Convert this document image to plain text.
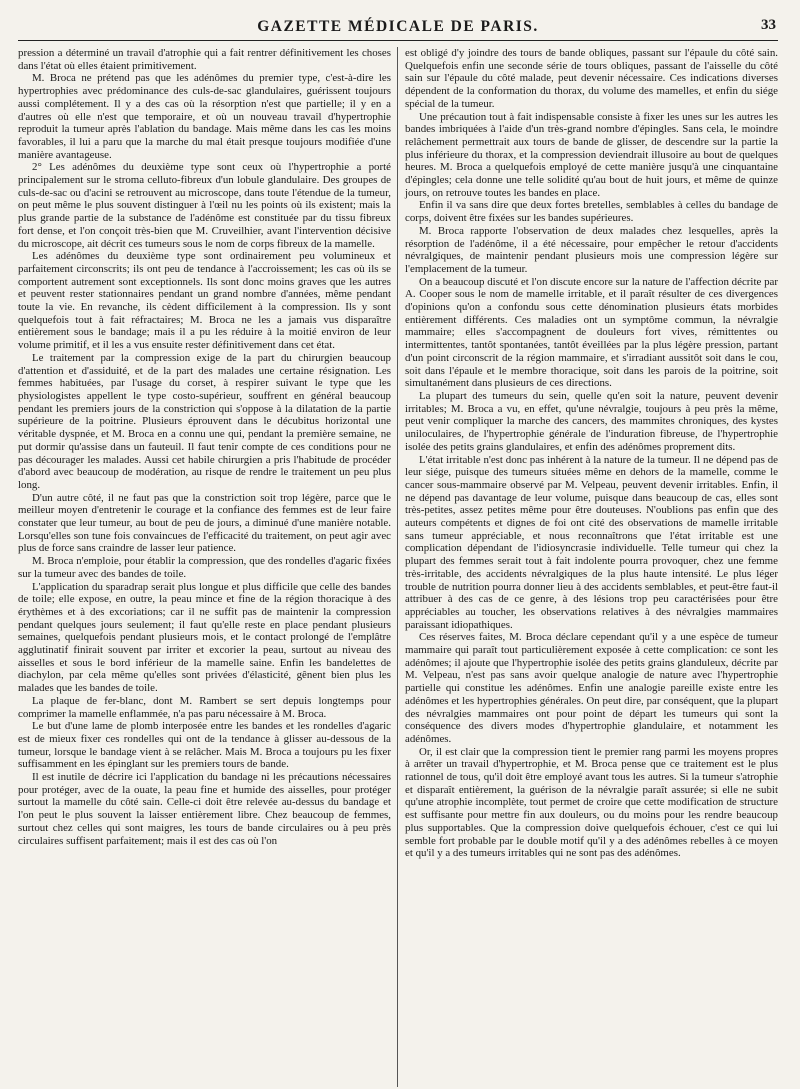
GAZETTE MÉDICALE DE PARIS.	33

pression a déterminé un travail d'atrophie qui a fait rentrer définitivement les choses dans l'état où elles étaient primitivement.

M. Broca ne prétend pas que les adénômes du premier type, c'est-à-dire les hypertrophies avec prédominance des culs-de-sac glandulaires, guérissent toujours aussi complétement. Il y a des cas où la résorption n'est que partielle; il y en a d'autres où elle n'est que temporaire, et où un nouveau travail d'hypertrophie reproduit la tumeur après l'ablation du bandage. Mais même dans les cas les moins favorables, il lui a paru que la marche du mal était presque toujours modifiée d'une manière avantageuse.

2° Les adénômes du deuxième type sont ceux où l'hypertrophie a porté principalement sur le stroma celluto-fibreux d'un lobule glandulaire. Des groupes de culs-de-sac ou d'acini se retrouvent au microscope, dans toute l'étendue de la tumeur, on peut même le plus souvent distinguer à l'œil nu les points où ils existent; mais la plus grande partie de la substance de l'adénôme est constituée par du tissu fibreux fort dense, et l'on conçoit très-bien que M. Cruveilhier, avant l'intervention décisive du microscope, ait décrit ces tumeurs sous le nom de corps fibreux de la mamelle.

Les adénômes du deuxième type sont ordinairement peu volumineux et parfaitement circonscrits; ils ont peu de tendance à l'accroissement; les cas où ils se comportent autrement sont exceptionnels. Ils sont donc moins graves que les autres et peuvent rester stationnaires pendant un grand nombre d'années, même pendant toute la vie. En revanche, ils cèdent difficilement à la compression. Ils y sont quelquefois tout à fait réfractaires; M. Broca ne les a jamais vus disparaître entièrement sous le bandage; mais il a pu les réduire à la moitié environ de leur volume primitif, et il les a vus ensuite rester définitivement dans cet état.

Le traitement par la compression exige de la part du chirurgien beaucoup d'attention et d'assiduité, et de la part des malades une certaine résignation. Les femmes habituées, par l'usage du corset, à respirer suivant le type que les physiologistes appellent le type costo-supérieur, souffrent en général beaucoup pendant les premiers jours de la constriction qui s'oppose à la dilatation de la partie supérieure de la poitrine. Plusieurs éprouvent dans le décubitus horizontal une véritable dyspnée, et M. Broca en a connu une qui, pendant la première semaine, ne put dormir qu'assise dans un fauteuil. Il faut tenir compte de ces conditions pour ne pas décourager les malades. Aussi cet habile chirurgien a pris l'habitude de procéder d'abord avec beaucoup de modération, au risque de rendre le traitement un peu plus long.

D'un autre côté, il ne faut pas que la constriction soit trop légère, parce que le meilleur moyen d'entretenir le courage et la confiance des femmes est de leur faire constater que leur tumeur, au bout de peu de jours, a diminué d'une manière notable. Lorsqu'elles son tune fois convaincues de l'efficacité du traitement, on peut agir avec plus de force sans craindre de lasser leur patience.

M. Broca n'emploie, pour établir la compression, que des rondelles d'agaric fixées sur la tumeur avec des bandes de toile.

L'application du sparadrap serait plus longue et plus difficile que celle des bandes de toile; elle expose, en outre, la peau mince et fine de la région thoracique à des érythèmes et à des excoriations; car il ne suffit pas de maintenir la compression pendant quelques jours seulement; il faut qu'elle reste en place pendant plusieurs semaines, quelquefois pendant plusieurs mois, et le contact prolongé de l'emplâtre agglutinatif finirait souvent par irriter et excorier la peau, surtout au niveau des aisselles et sous le bord inférieur de la mamelle saine. Enfin les bandelettes de diachylon, par cela même qu'elles sont privées d'élasticité, gênent bien plus les malades que les bandes de toile.

La plaque de fer-blanc, dont M. Rambert se sert depuis longtemps pour comprimer la mamelle enflammée, n'a pas paru nécessaire à M. Broca.

Le but d'une lame de plomb interposée entre les bandes et les rondelles d'agaric est de mieux fixer ces rondelles qui ont de la tendance à glisser au-dessous de la tumeur, lorsque le bandage vient à se relâcher. Mais M. Broca a toujours pu les fixer suffisamment en les épinglant sur les premiers tours de bande.

Il est inutile de décrire ici l'application du bandage ni les précautions nécessaires pour protéger, avec de la ouate, la peau fine et humide des aisselles, pour protéger surtout la mamelle du côté sain. Celle-ci doit être relevée au-dessus du bandage et l'on peut le plus souvent la laisser entièrement libre. Chez beaucoup de femmes, surtout chez celles qui sont maigres, les tours de bande circulaires ou à peu près circulaires suffisent parfaitement; mais il est des cas où l'on

est obligé d'y joindre des tours de bande obliques, passant sur l'épaule du côté sain. Quelquefois enfin une seconde série de tours obliques, passant de l'aisselle du côté sain sur l'épaule du côté malade, peut devenir nécessaire. Ces indications diverses dépendent de la conformation du thorax, du volume des mamelles, et enfin du siége spécial de la tumeur.

Une précaution tout à fait indispensable consiste à fixer les unes sur les autres les bandes imbriquées à l'aide d'un très-grand nombre d'épingles. Sans cela, le moindre relâchement permettrait aux tours de bande de glisser, de descendre sur la partie la plus inférieure du thorax, et la compression deviendrait illusoire au bout de quelques heures. M. Broca a quelquefois employé de cette manière jusqu'à une cinquantaine d'épingles; cela donne une telle solidité qu'au bout de huit jours, et même de quinze jours, on retrouve toutes les bandes en place.

Enfin il va sans dire que deux fortes bretelles, semblables à celles du bandage de corps, doivent être fixées sur les bandes supérieures.

M. Broca rapporte l'observation de deux malades chez lesquelles, après la résorption de l'adénôme, il a été nécessaire, pour empêcher le retour d'accidents névralgiques, de maintenir pendant plusieurs mois une compression légère sur l'emplacement de la tumeur.

On a beaucoup discuté et l'on discute encore sur la nature de l'affection décrite par A. Cooper sous le nom de mamelle irritable, et il paraît résulter de ces divergences d'opinions qu'on a confondu sous cette dénomination plusieurs états morbides entièrement différents. Ces maladies ont un symptôme commun, la névralgie mammaire; elles s'accompagnent de douleurs fort vives, rémittentes ou intermittentes, tantôt spontanées, tantôt éveillées par la plus légère pression, partant d'un point circonscrit de la région mammaire, et s'irradiant aussitôt soit dans le cou, soit dans l'épaule et le membre thoracique, soit dans les parois de la poitrine, soit simultanément dans plusieurs de ces directions.

La plupart des tumeurs du sein, quelle qu'en soit la nature, peuvent devenir irritables; M. Broca a vu, en effet, qu'une névralgie, toujours à peu près la même, peut venir compliquer la marche des cancers, des mammites chroniques, des kystes uniloculaires, de l'hypertrophie générale de l'induration fibreuse, de l'hypertrophie isolée des petits grains glandulaires, et enfin des adénômes proprement dits.

L'état irritable n'est donc pas inhérent à la nature de la tumeur. Il ne dépend pas de leur siége, puisque des tumeurs situées même en dehors de la mamelle, comme le cancer sous-mammaire observé par M. Velpeau, peuvent devenir irritables. Enfin, il ne dépend pas davantage de leur volume, puisque dans beaucoup de cas, elles sont très-petites, assez petites même pour être douteuses. N'oublions pas enfin que des auteurs compétents et dignes de foi ont cité des observations de mamelle irritable sans tumeur appréciable, et nous reconnaîtrons que l'état irritable est une complication dépendant de l'idiosyncrasie individuelle. Telle tumeur qui chez la plupart des femmes serait tout à fait indolente pourra provoquer, chez une femme très-irritable, des accidents névralgiques de la plus haute intensité. Le plus léger trouble de nutrition pourra donner lieu à des accidents semblables, et peut-être faut-il attribuer à des cas de ce genre, à des lésions trop peu caractérisées pour être appréciables au toucher, les observations relatives à des névralgies mammaires paraissant idiopathiques.

Ces réserves faites, M. Broca déclare cependant qu'il y a une espèce de tumeur mammaire qui paraît tout particulièrement exposée à cette complication: ce sont les adénômes; il ajoute que l'hypertrophie isolée des petits grains glanduleux, décrite par M. Velpeau, n'est pas sans avoir quelque analogie de nature avec l'hypertrophie partielle qui constitue les adénômes. Enfin une analogie pareille existe entre les adénômes et les hypertrophies générales. On peut dire, par conséquent, que la plupart des névralgies mammaires ont pour point de départ les tumeurs qui sont la conséquence des divers modes d'hypertrophie glandulaire, et notamment les adénômes.

Or, il est clair que la compression tient le premier rang parmi les moyens propres à arrêter un travail d'hypertrophie, et M. Broca pense que ce traitement est le plus rationnel de tous, qu'il doit être employé avant tous les autres. Si la tumeur s'atrophie et disparaît entièrement, la guérison de la névralgie paraît assurée; si elle ne subit qu'une atrophie incomplète, tout permet de croire que cette modification de structure est suffisante pour mettre fin aux douleurs, ou du moins pour les rendre beaucoup plus supportables. Que la compression doive quelquefois échouer, c'est ce qui lui semble fort probable par le double motif qu'il y a des adénômes rebelles à ce moyen et qu'il y a des tumeurs irritables qui ne sont pas des adénômes.
